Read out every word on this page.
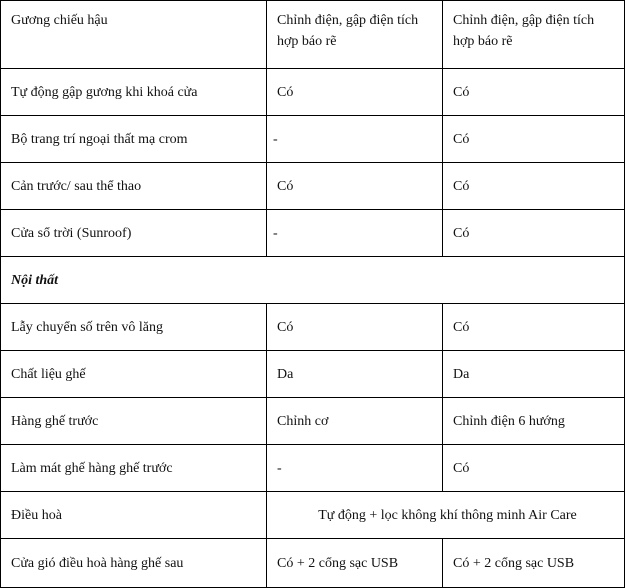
Gương chiếu hậu	Chỉnh điện, gập điện tích hợp báo rẽ	Chỉnh điện, gập điện tích hợp báo rẽ
Tự động gập gương khi khoá cửa	Có	Có
Bộ trang trí ngoại thất mạ crom	-	Có
Cản trước/ sau thể thao	Có	Có
Cửa sổ trời (Sunroof)	-	Có
Nội thất		
Lẫy chuyển số trên vô lăng	Có	Có
Chất liệu ghế	Da	Da
Hàng ghế trước	Chỉnh cơ	Chỉnh điện 6 hướng
Làm mát ghế hàng ghế trước	-	Có
Điều hoà	Tự động + lọc không khí thông minh Air Care	
Cửa gió điều hoà hàng ghế sau	Có + 2 cổng sạc USB	Có + 2 cổng sạc USB
